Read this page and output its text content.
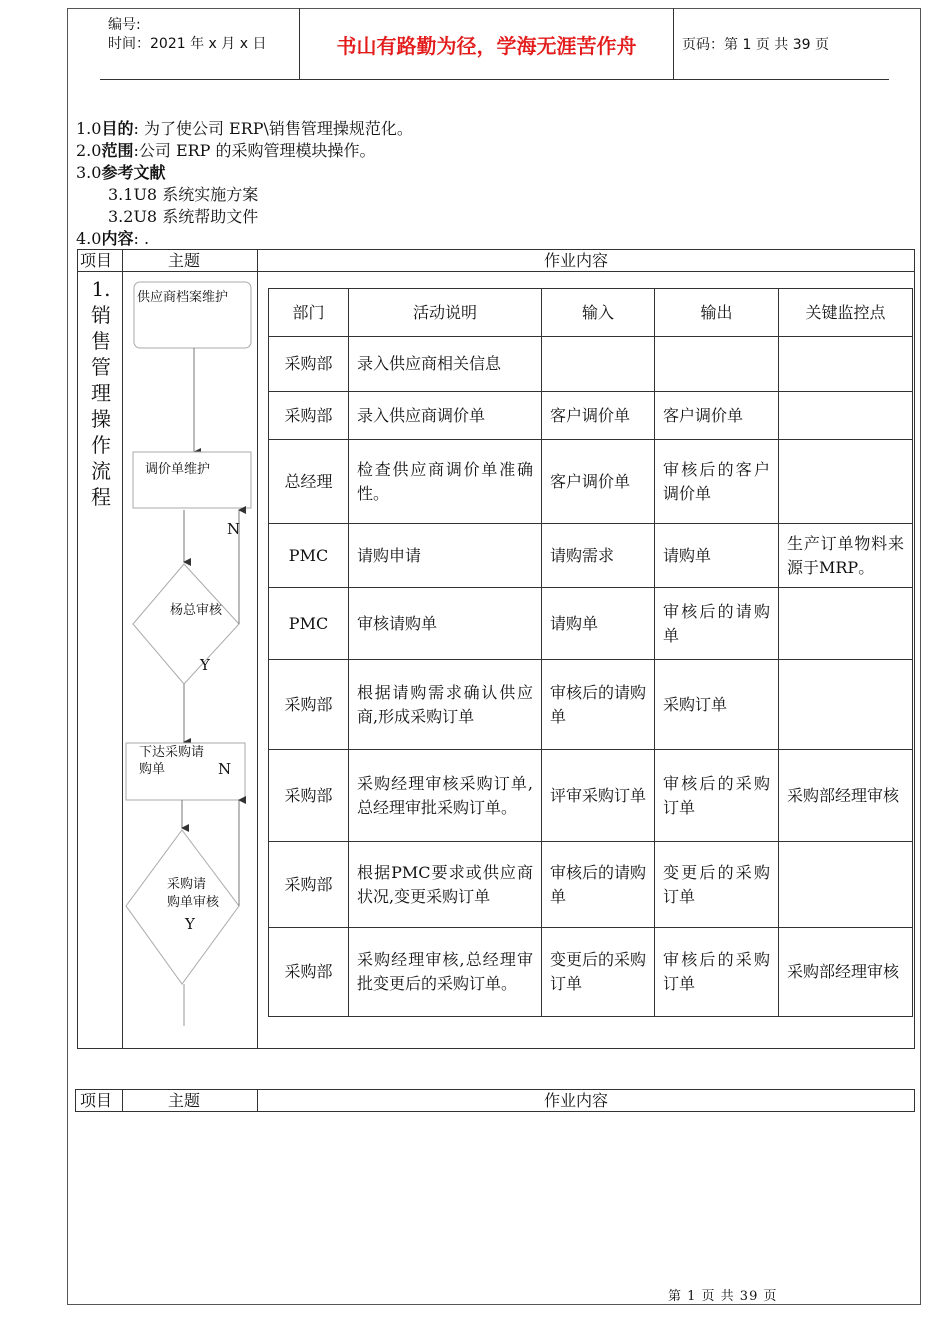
编号:
时间：2021 年 x 月 x 日	书山有路勤为径，学海无涯苦作舟	页码：第 1 页 共 39 页
1.0目的: 为了使公司 ERP\销售管理操规范化。
2.0范围:公司 ERP 的采购管理模块操作。
3.0参考文献
3.1U8 系统实施方案
3.2U8 系统帮助文件
4.0内容: .
项目	主题	作业内容
1.
销
售
管
理
操
作
流
程
供应商档案维护
调价单维护
N
杨总审核
Y
下达采购请
购单	N
采购请
购单审核
Y
部门	活动说明	输入	输出	关键监控点
采购部	录入供应商相关信息			
采购部	录入供应商调价单	客户调价单	客户调价单	
总经理	检查供应商调价单准确性。	客户调价单	审核后的客户调价单	
PMC	请购申请	请购需求	请购单	生产订单物料来源于MRP。
PMC	审核请购单	请购单	审核后的请购单	
采购部	根据请购需求确认供应商,形成采购订单	审核后的请购单	采购订单	
采购部	采购经理审核采购订单,总经理审批采购订单。	评审采购订单	审核后的采购订单	采购部经理审核
采购部	根据PMC要求或供应商状况,变更采购订单	审核后的请购单	变更后的采购订单	
采购部	采购经理审核,总经理审批变更后的采购订单。	变更后的采购订单	审核后的采购订单	采购部经理审核
项目	主题	作业内容
第 1 页 共 39 页
